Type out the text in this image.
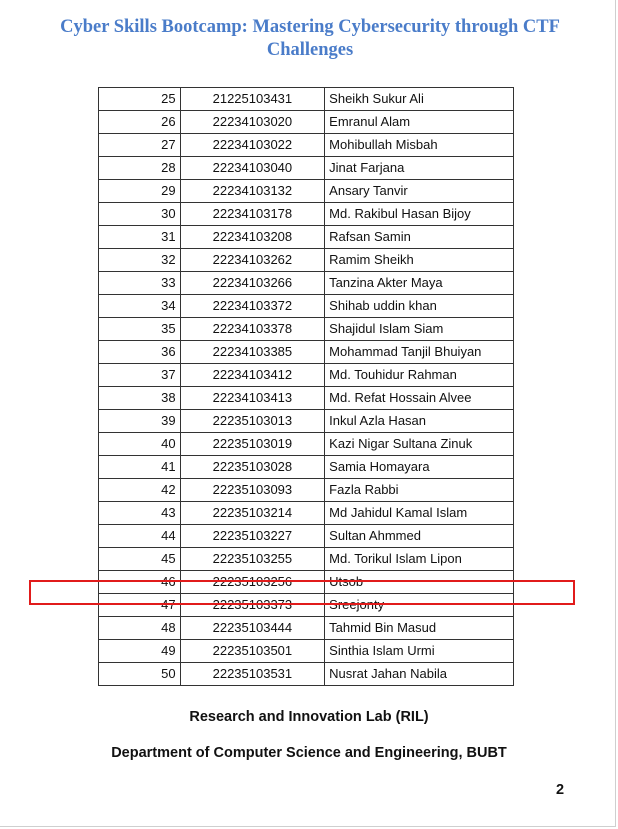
Cyber Skills Bootcamp: Mastering Cybersecurity through CTF Challenges
25	21225103431	Sheikh Sukur Ali
26	22234103020	Emranul Alam
27	22234103022	Mohibullah Misbah
28	22234103040	Jinat Farjana
29	22234103132	Ansary Tanvir
30	22234103178	Md. Rakibul Hasan Bijoy
31	22234103208	Rafsan Samin
32	22234103262	Ramim Sheikh
33	22234103266	Tanzina Akter Maya
34	22234103372	Shihab uddin khan
35	22234103378	Shajidul Islam Siam
36	22234103385	Mohammad Tanjil Bhuiyan
37	22234103412	Md. Touhidur Rahman
38	22234103413	Md. Refat Hossain Alvee
39	22235103013	Inkul Azla Hasan
40	22235103019	Kazi Nigar Sultana Zinuk
41	22235103028	Samia Homayara
42	22235103093	Fazla Rabbi
43	22235103214	Md Jahidul Kamal Islam
44	22235103227	Sultan Ahmmed
45	22235103255	Md. Torikul Islam Lipon
46	22235103256	Utsob
47	22235103373	Sreejonty
48	22235103444	Tahmid Bin Masud
49	22235103501	Sinthia Islam Urmi
50	22235103531	Nusrat Jahan Nabila
Research and Innovation Lab (RIL)
Department of Computer Science and Engineering, BUBT
2
